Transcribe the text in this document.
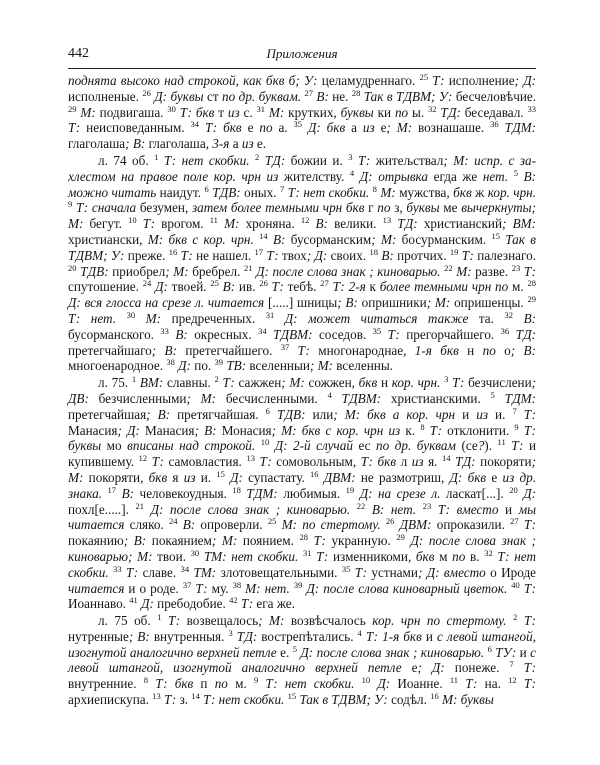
442	Приложения

поднята высоко над строкой, как бкв б; У: целамудреннаго. $^{25}$ Т: исполнение; Д: исполненые. $^{26}$ Д: буквы ст по др. буквам. $^{27}$ В: не. $^{28}$ Так в ТДВМ; У: бесчеловѣчие. $^{29}$ М: подвигаша. $^{30}$ Т: бкв т из с. $^{31}$ М: крутких, буквы ки по ы. $^{32}$ ТД: беседавал. $^{33}$ Т: неисповеданным. $^{34}$ Т: бкв е по а. $^{35}$ Д: бкв а из е; М: вознашаше. $^{36}$ ТДМ: глаголаша; В: глаголаша, 3-я а из е.

л. 74 об. $^1$ Т: нет скобки. $^2$ ТД: божии и. $^3$ Т: житељствал; М: испр. с захлестом на правое поле кор. чрн из жителству. $^4$ Д: отрывка егда же нет. $^5$ В: можно читать наидут. $^6$ ТДВ: оных. $^7$ Т: нет скобки. $^8$ М: мужства, бкв ж кор. чрн. $^9$ Т: сначала безумен, затем более темными чрн бкв г по з, буквы ме вычеркнуты; М: бегут. $^{10}$ Т: врогом. $^{11}$ М: хроняна. $^{12}$ В: велики. $^{13}$ ТД: христианский; ВМ: христиански, М: бкв с кор. чрн. $^{14}$ В: бусорманским; М: босурманским. $^{15}$ Так в ТДВМ; У: преже. $^{16}$ Т: не нашел. $^{17}$ Т: твох; Д: своих. $^{18}$ В: протчих. $^{19}$ Т: палезнаго. $^{20}$ ТДВ: приобрел; М: бребрел. $^{21}$ Д: после слова знак ; киноварью. $^{22}$ М: разве. $^{23}$ Т: спутошение. $^{24}$ Д: твоей. $^{25}$ В: ив. $^{26}$ Т: тебѣ. $^{27}$ Т: 2-я к более темными чрн по м. $^{28}$ Д: вся глосса на срезе л. читается [.....] шницы; В: опришники; М: опришенцы. $^{29}$ Т: нет. $^{30}$ М: предреченных. $^{31}$ Д: может читаться также та. $^{32}$ В: бусорманского. $^{33}$ В: окресных. $^{34}$ ТДВМ: соседов. $^{35}$ Т: прегорчайшего. $^{36}$ ТД: претегчайшаго; В: претегчайшего. $^{37}$ Т: многонароднае, 1-я бкв н по о; В: многоенародное. $^{38}$ Д: по. $^{39}$ ТВ: вселенныи; М: вселенны.

л. 75. $^1$ ВМ: славны. $^2$ Т: сажжен; М: сожжен, бкв н кор. чрн. $^3$ Т: безчислени; ДВ: безчисленными; М: бесчисленными. $^4$ ТДВМ: христианскими. $^5$ ТДМ: претегчайшая; В: претягчайшая. $^6$ ТДВ: или; М: бкв а кор. чрн и из и. $^7$ Т: Манасия; Д: Манасия; В: Монасия; М: бкв с кор. чрн из к. $^8$ Т: отклонити. $^9$ Т: буквы мо вписаны над строкой. $^{10}$ Д: 2-й случай ес по др. буквам (се?). $^{11}$ Т: и купившему. $^{12}$ Т: самовластия. $^{13}$ Т: сомовольным, Т: бкв л из я. $^{14}$ ТД: покоряти; М: покоряти, бкв я из и. $^{15}$ Д: супастату. $^{16}$ ДВМ: не размотриш, Д: бкв е из др. знака. $^{17}$ В: человекоудныя. $^{18}$ ТДМ: любимыя. $^{19}$ Д: на срезе л. ласкат[...]. $^{20}$ Д: похл[е.....]. $^{21}$ Д: после слова знак ; киноварью. $^{22}$ В: нет. $^{23}$ Т: вместо и мы читается сляко. $^{24}$ В: опроверли. $^{25}$ М: по стертому. $^{26}$ ДВМ: опроказили. $^{27}$ Т: покаянию; В: покаянием; М: поянием. $^{28}$ Т: укранную. $^{29}$ Д: после слова знак ; киноварью; М: твои. $^{30}$ ТМ: нет скобки. $^{31}$ Т: изменникоми, бкв м по в. $^{32}$ Т: нет скобки. $^{33}$ Т: славе. $^{34}$ ТМ: злотовещательными. $^{35}$ Т: устнами; Д: вместо о Ироде читается и о роде. $^{37}$ Т: му. $^{38}$ М: нет. $^{39}$ Д: после слова киноварный цветок. $^{40}$ Т: Иоаннаво. $^{41}$ Д: пребодобие. $^{42}$ Т: ега же.

л. 75 об. $^1$ Т: возвещалось; М: возвѣсчалось кор. чрн по стертому. $^2$ Т: нутренные; В: внутренныя. $^3$ ТД: вострепѣтались. $^4$ Т: 1-я бкв и с левой штангой, изогнутой аналогично верхней петле е. $^5$ Д: после слова знак ; киноварью. $^6$ ТУ: и с левой штангой, изогнутой аналогично верхней петле е; Д: понеже. $^7$ Т: внутренние. $^8$ Т: бкв п по м. $^9$ Т: нет скобки. $^{10}$ Д: Иоанне. $^{11}$ Т: на. $^{12}$ Т: архиепискупа. $^{13}$ Т: з. $^{14}$ Т: нет скобки. $^{15}$ Так в ТДВМ; У: содѣл. $^{16}$ М: буквы
